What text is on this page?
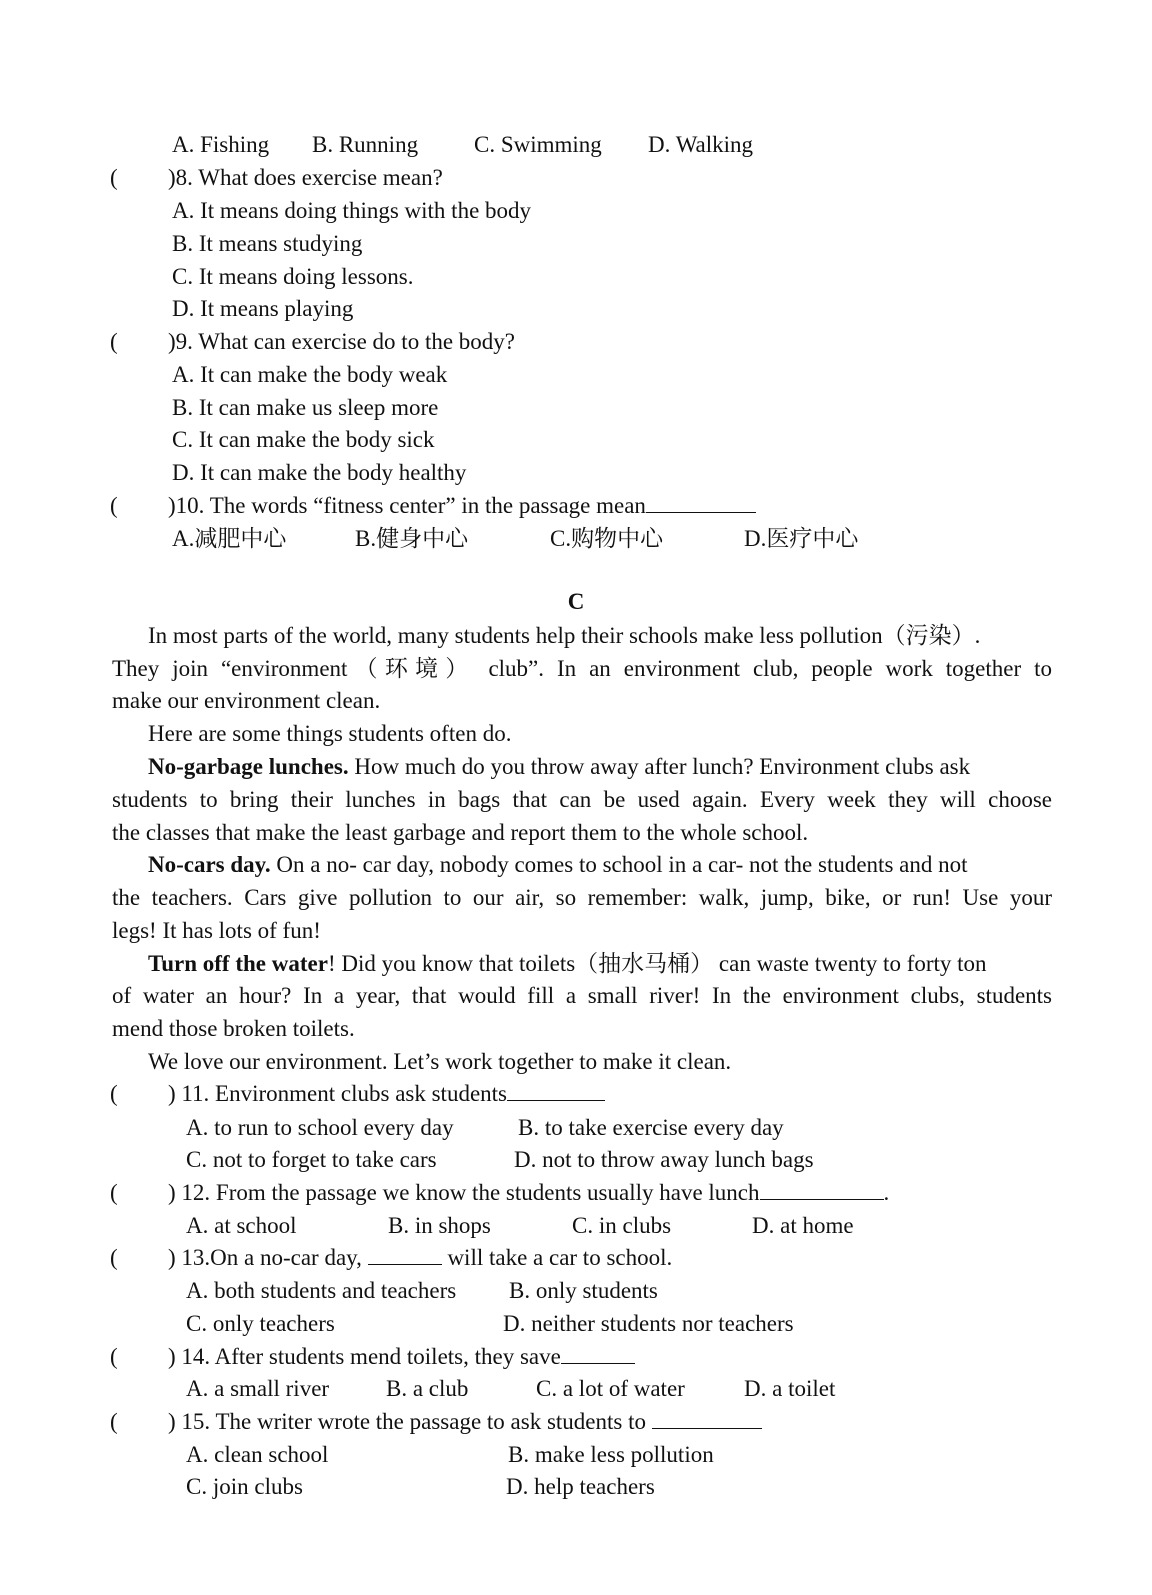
A. Fishing B. Running C. Swimming D. Walking
( )8. What does exercise mean?
A. It means doing things with the body
B. It means studying
C. It means doing lessons.
D. It means playing
( )9. What can exercise do to the body?
A. It can make the body weak
B. It can make us sleep more
C. It can make the body sick
D. It can make the body healthy
( )10. The words “fitness center” in the passage mean
A.减肥中心	B.健身中心	C.购物中心	D.医疗中心
C
In most parts of the world, many students help their schools make less pollution（污染）.
They join “environment（环境） club”. In an environment club, people work together to
make our environment clean.
Here are some things students often do.
No-garbage lunches. How much do you throw away after lunch? Environment clubs ask
students to bring their lunches in bags that can be used again. Every week they will choose
the classes that make the least garbage and report them to the whole school.
No-cars day. On a no- car day, nobody comes to school in a car- not the students and not
the teachers. Cars give pollution to our air, so remember: walk, jump, bike, or run! Use your
legs! It has lots of fun!
Turn off the water! Did you know that toilets（抽水马桶） can waste twenty to forty ton
of water an hour? In a year, that would fill a small river! In the environment clubs, students
mend those broken toilets.
We love our environment. Let’s work together to make it clean.
( ) 11. Environment clubs ask students
A. to run to school every day	B. to take exercise every day
C. not to forget to take cars	D. not to throw away lunch bags
( ) 12. From the passage we know the students usually have lunch	.
A. at school	B. in shops	C. in clubs	D. at home
( ) 13.On a no-car day,	will take a car to school.
A. both students and teachers B. only students
C. only teachers	D. neither students nor teachers
( ) 14. After students mend toilets, they save
A. a small river B. a club	C. a lot of water	D. a toilet
( ) 15. The writer wrote the passage to ask students to
A. clean school	B. make less pollution
C. join clubs	D. help teachers
